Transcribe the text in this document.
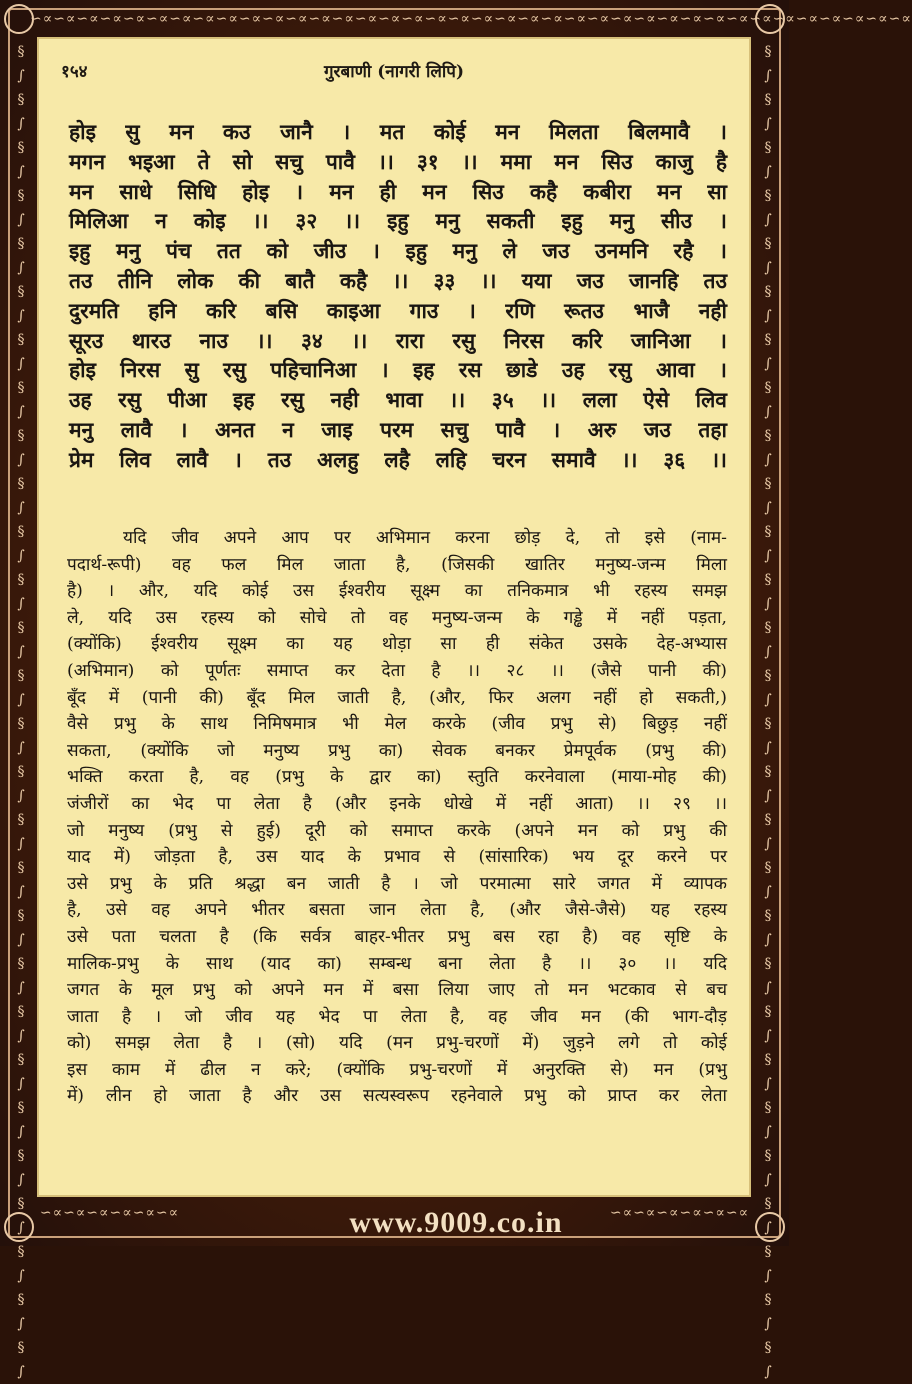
∽∝∽∝∽∝∽∝∽∝∽∝∽∝∽∝∽∝∽∝∽∝∽∝∽∝∽∝∽∝∽∝∽∝∽∝∽∝∽∝∽∝∽∝∽∝∽∝∽∝∽∝∽∝∽∝∽∝∽∝∽∝∽∝∽∝∽∝∽∝∽∝∽∝∽∝
∽∝∽∝∽∝∽∝∽∝∽∝	∽∝∽∝∽∝∽∝∽∝∽∝
§
∫
§
∫
§
∫
§
∫
§
∫
§
∫
§
∫
§
∫
§
∫
§
∫
§
∫
§
∫
§
∫
§
∫
§
∫
§
∫
§
∫
§
∫
§
∫
§
∫
§
∫
§
∫
§
∫
§
∫
§
∫
§
∫
§
∫
§
∫
§
∫
§
∫
§
∫
§
∫
§
∫
§
∫
§
∫
§
∫
§
∫
§
∫
§
∫
§
∫
§
∫
§
∫
§
∫
§
∫
§
∫
§
∫
§
∫
§
∫
§
∫
§
∫
§
∫
§
∫
§
∫
§
∫
§
∫
§
∫
१५४	गुरबाणी (नागरी लिपि)
होइ सु मन कउ जानै । मत कोई मन मिलता बिलमावै ।
मगन भइआ ते सो सचु पावै ।। ३१ ।। ममा मन सिउ काजु है
मन साधे सिधि होइ । मन ही मन सिउ कहै कबीरा मन सा
मिलिआ न कोइ ।। ३२ ।। इहु मनु सकती इहु मनु सीउ ।
इहु मनु पंच तत को जीउ । इहु मनु ले जउ उनमनि रहै ।
तउ तीनि लोक की बातै कहै ।। ३३ ।। यया जउ जानहि तउ
दुरमति हनि करि बसि काइआ गाउ । रणि रूतउ भाजै नही
सूरउ थारउ नाउ ।। ३४ ।। रारा रसु निरस करि जानिआ ।
होइ निरस सु रसु पहिचानिआ । इह रस छाडे उह रसु आवा ।
उह रसु पीआ इह रसु नही भावा ।। ३५ ।। लला ऐसे लिव
मनु लावै । अनत न जाइ परम सचु पावै । अरु जउ तहा
प्रेम लिव लावै । तउ अलहु लहै लहि चरन समावै ।। ३६ ।।
यदि जीव अपने आप पर अभिमान करना छोड़ दे, तो इसे (नाम-
पदार्थ-रूपी) वह फल मिल जाता है, (जिसकी खातिर मनुष्य-जन्म मिला
है) । और, यदि कोई उस ईश्वरीय सूक्ष्म का तनिकमात्र भी रहस्य समझ
ले, यदि उस रहस्य को सोचे तो वह मनुष्य-जन्म के गड्ढे में नहीं पड़ता,
(क्योंकि) ईश्वरीय सूक्ष्म का यह थोड़ा सा ही संकेत उसके देह-अभ्यास
(अभिमान) को पूर्णतः समाप्त कर देता है ।। २८ ।। (जैसे पानी की)
बूँद में (पानी की) बूँद मिल जाती है, (और, फिर अलग नहीं हो सकती,)
वैसे प्रभु के साथ निमिषमात्र भी मेल करके (जीव प्रभु से) बिछुड़ नहीं
सकता, (क्योंकि जो मनुष्य प्रभु का) सेवक बनकर प्रेमपूर्वक (प्रभु की)
भक्ति करता है, वह (प्रभु के द्वार का) स्तुति करनेवाला (माया-मोह की)
जंजीरों का भेद पा लेता है (और इनके धोखे में नहीं आता) ।। २९ ।।
जो मनुष्य (प्रभु से हुई) दूरी को समाप्त करके (अपने मन को प्रभु की
याद में) जोड़ता है, उस याद के प्रभाव से (सांसारिक) भय दूर करने पर
उसे प्रभु के प्रति श्रद्धा बन जाती है । जो परमात्मा सारे जगत में व्यापक
है, उसे वह अपने भीतर बसता जान लेता है, (और जैसे-जैसे) यह रहस्य
उसे पता चलता है (कि सर्वत्र बाहर-भीतर प्रभु बस रहा है) वह सृष्टि के
मालिक-प्रभु के साथ (याद का) सम्बन्ध बना लेता है ।। ३० ।। यदि
जगत के मूल प्रभु को अपने मन में बसा लिया जाए तो मन भटकाव से बच
जाता है । जो जीव यह भेद पा लेता है, वह जीव मन (की भाग-दौड़
को) समझ लेता है । (सो) यदि (मन प्रभु-चरणों में) जुड़ने लगे तो कोई
इस काम में ढील न करे; (क्योंकि प्रभु-चरणों में अनुरक्ति से) मन (प्रभु
में) लीन हो जाता है और उस सत्यस्वरूप रहनेवाले प्रभु को प्राप्त कर लेता
www.9009.co.in
